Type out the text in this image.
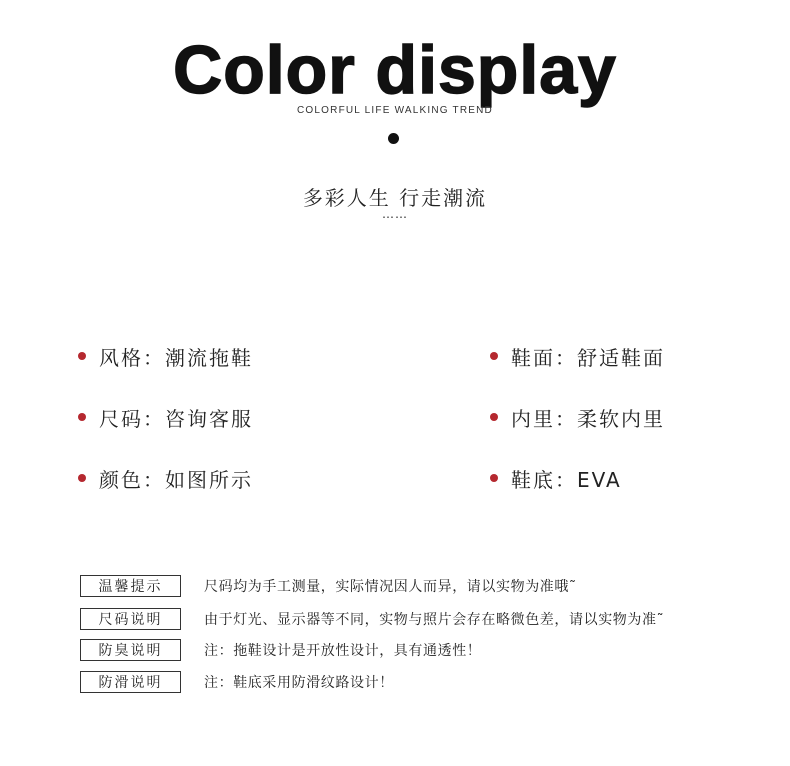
Color display
COLORFUL LIFE WALKING TREND
多彩人生 行走潮流
……
风格：潮流拖鞋	鞋面：舒适鞋面
尺码：咨询客服	内里：柔软内里
颜色：如图所示	鞋底：EVA
温馨提示	尺码均为手工测量，实际情况因人而异，请以实物为准哦˜
尺码说明	由于灯光、显示器等不同，实物与照片会存在略微色差，请以实物为准˜
防臭说明	注：拖鞋设计是开放性设计，具有通透性！
防滑说明	注：鞋底采用防滑纹路设计！
